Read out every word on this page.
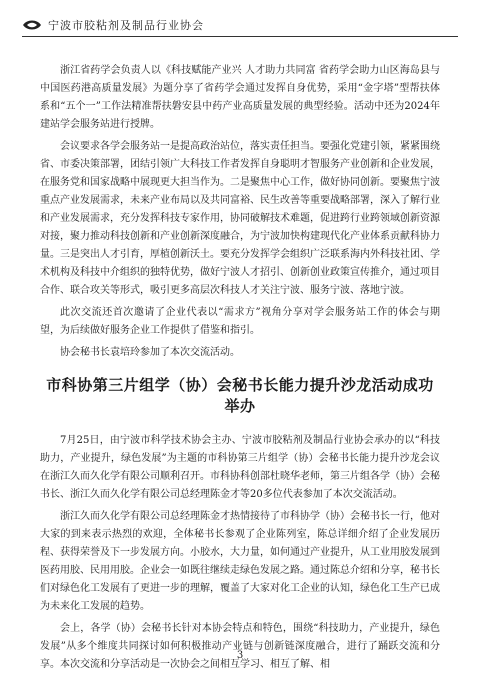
宁波市胶粘剂及制品行业协会

浙江省药学会负责人以《科技赋能产业兴 人才助力共同富 省药学会助力山区海岛县与中国医药港高质量发展》为题分享了省药学会通过发挥自身优势，采用“金字塔”型帮扶体系和“五个一”工作法精准帮扶磐安县中药产业高质量发展的典型经验。活动中还为2024年建站学会服务站进行授牌。

会议要求各学会服务站一是提高政治站位，落实责任担当。要强化党建引领，紧紧围绕省、市委决策部署，团结引领广大科技工作者发挥自身聪明才智服务产业创新和企业发展，在服务党和国家战略中展现更大担当作为。二是聚焦中心工作，做好协同创新。要聚焦宁波重点产业发展需求，未来产业布局以及共同富裕、民生改善等重要战略部署，深入了解行业和产业发展需求，充分发挥科技专家作用，协同破解技术难题，促进跨行业跨领域创新资源对接，聚力推动科技创新和产业创新深度融合，为宁波加快构建现代化产业体系贡献科协力量。三是突出人才引育，厚植创新沃土。要充分发挥学会组织广泛联系海内外科技社团、学术机构及科技中介组织的独特优势，做好宁波人才招引、创新创业政策宣传推介，通过项目合作、联合攻关等形式，吸引更多高层次科技人才关注宁波、服务宁波、落地宁波。

此次交流还首次邀请了企业代表以“需求方”视角分享对学会服务站工作的体会与期望，为后续做好服务企业工作提供了借鉴和指引。

协会秘书长袁培玲参加了本次交流活动。

市科协第三片组学（协）会秘书长能力提升沙龙活动成功举办

7月25日，由宁波市科学技术协会主办、宁波市胶粘剂及制品行业协会承办的以“科技助力，产业提升，绿色发展”为主题的市科协第三片组学（协）会秘书长能力提升沙龙会议在浙江久而久化学有限公司顺利召开。市科协科创部杜晓华老师，第三片组各学（协）会秘书长、浙江久而久化学有限公司总经理陈金才等20多位代表参加了本次交流活动。

浙江久而久化学有限公司总经理陈金才热情接待了市科协学（协）会秘书长一行，他对大家的到来表示热烈的欢迎，全体秘书长参观了企业陈列室，陈总详细介绍了企业发展历程、获得荣誉及下一步发展方向。小胶水，大力量，如何通过产业提升，从工业用胶发展到医药用胶、民用用胶。企业会一如既往继续走绿色发展之路。通过陈总介绍和分享，秘书长们对绿色化工发展有了更进一步的理解，覆盖了大家对化工企业的认知，绿色化工生产已成为未来化工发展的趋势。

会上，各学（协）会秘书长针对本协会特点和特色，围绕“科技助力，产业提升，绿色发展”从多个维度共同探讨如何积极推动产业链与创新链深度融合，进行了踊跃交流和分享。本次交流和分享活动是一次协会之间相互学习、相互了解、相

3
